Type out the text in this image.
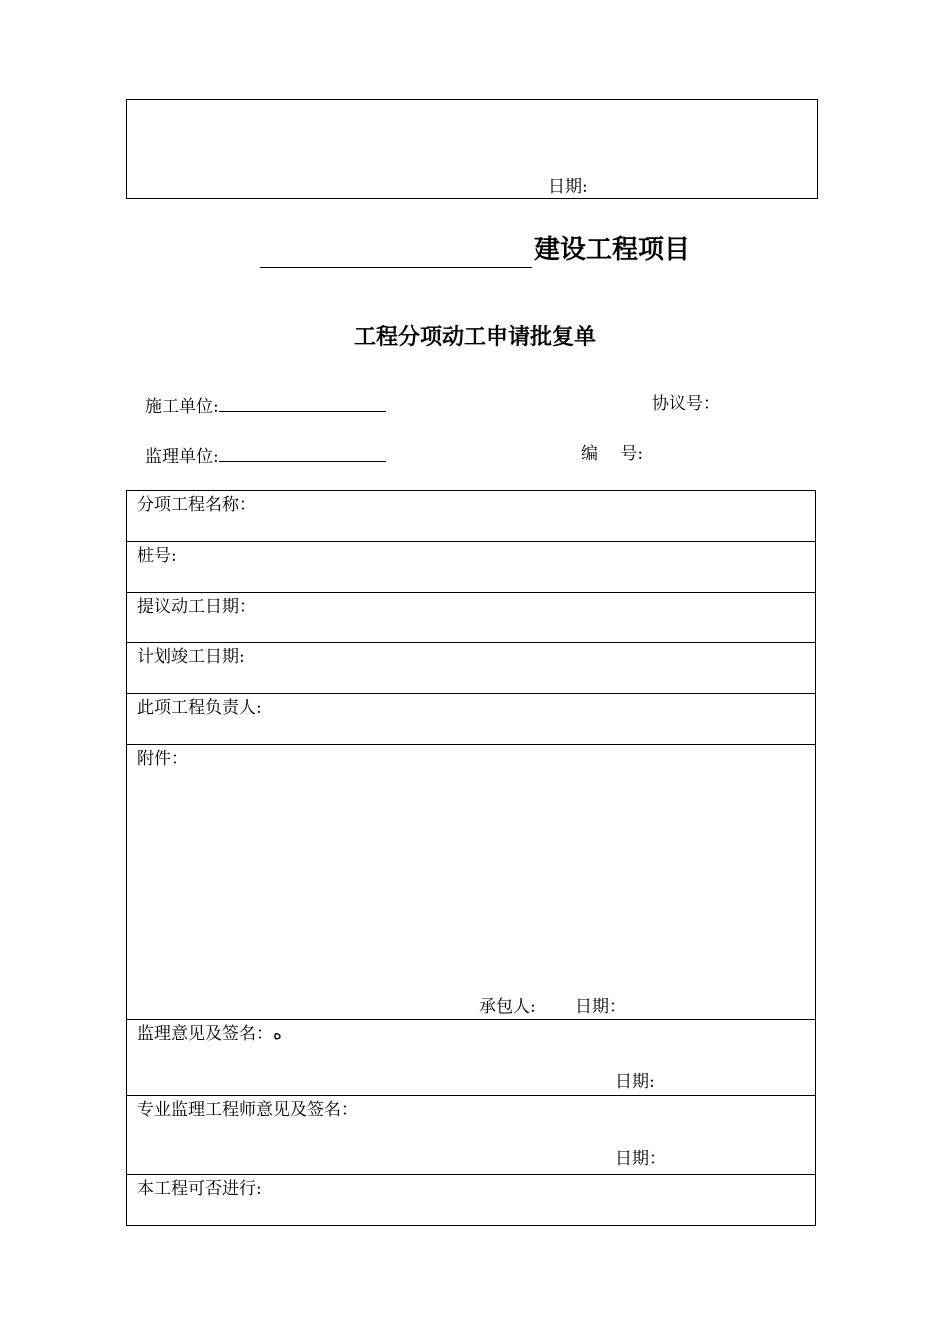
日期:
建设工程项目
工程分项动工申请批复单
施工单位:	协议号：
监理单位:	编　 号:
分项工程名称：
桩号:
提议动工日期：
计划竣工日期:
此项工程负责人:
附件：
承包人: 日期：
监理意见及签名：ه
日期:
专业监理工程师意见及签名：
日期：
本工程可否进行:
